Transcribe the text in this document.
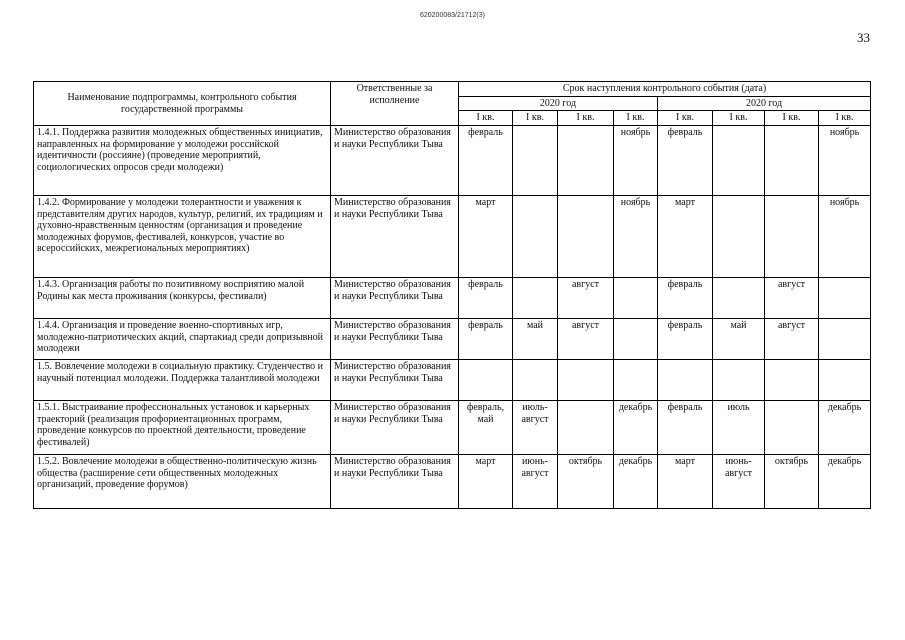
620200083/21712(3)
33
Наименование подпрограммы, контрольного события государственной программы	Ответственные за исполнение	Срок наступления контрольного события (дата)							
		2020 год				2020 год			
		I кв.	I кв.	I кв.	I кв.	I кв.	I кв.	I кв.	I кв.
1.4.1. Поддержка развития молодежных общественных инициатив, направленных на формирование у молодежи российской идентичности (россияне) (проведение мероприятий, социологических опросов среди молодежи)	Министерство образования и науки Республики Тыва	февраль			ноябрь	февраль			ноябрь
1.4.2. Формирование у молодежи толерантности и уважения к представителям других народов, культур, религий, их традициям и духовно-нравственным ценностям (организация и проведение молодежных форумов, фестивалей, конкурсов, участие во всероссийских, межрегиональных мероприятиях)	Министерство образования и науки Республики Тыва	март			ноябрь	март			ноябрь
1.4.3. Организация работы по позитивному восприятию малой Родины как места проживания (конкурсы, фестивали)	Министерство образования и науки Республики Тыва	февраль		август		февраль		август	
1.4.4. Организация и проведение военно-спортивных игр, молодежно-патриотических акций, спартакиад среди допризывной молодежи	Министерство образования и науки Республики Тыва	февраль	май	август		февраль	май	август	
1.5. Вовлечение молодежи в социальную практику. Студенчество и научный потенциал молодежи. Поддержка талантливой молодежи	Министерство образования и науки Республики Тыва								
1.5.1. Выстраивание профессиональных установок и карьерных траекторий (реализация профориентационных программ, проведение конкурсов по проектной деятельности, проведение фестивалей)	Министерство образования и науки Республики Тыва	февраль, май	июль-август		декабрь	февраль	июль		декабрь
1.5.2. Вовлечение молодежи в общественно-политическую жизнь общества (расширение сети общественных молодежных организаций, проведение форумов)	Министерство образования и науки Республики Тыва	март	июнь-август	октябрь	декабрь	март	июнь-август	октябрь	декабрь
